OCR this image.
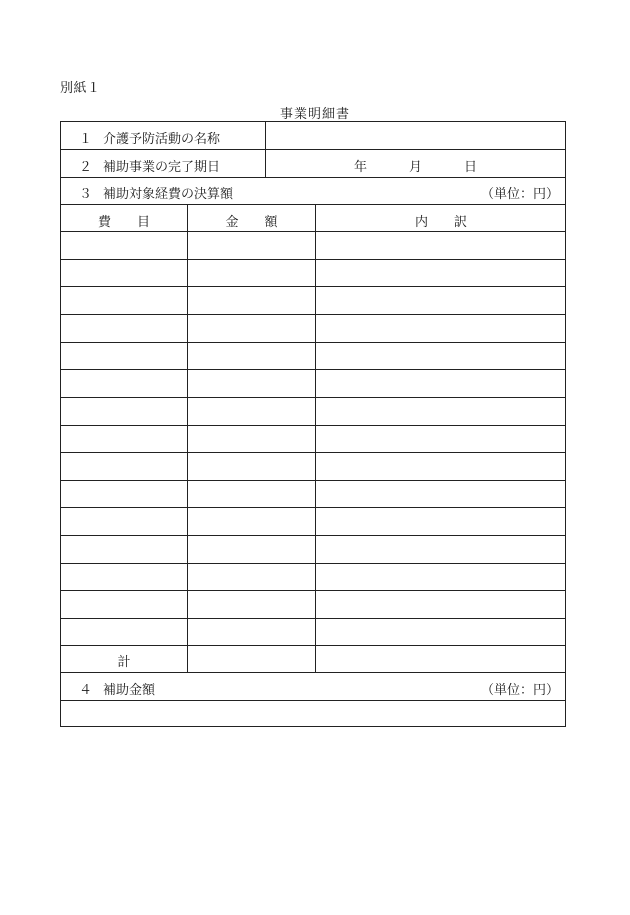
別紙１
事業明細書
１ 介護予防活動の名称
２ 補助事業の完了期日	年	月	日
３ 補助対象経費の決算額	（単位：円）
費　　目	金　　額	内　　訳
計
４ 補助金額	（単位：円）
